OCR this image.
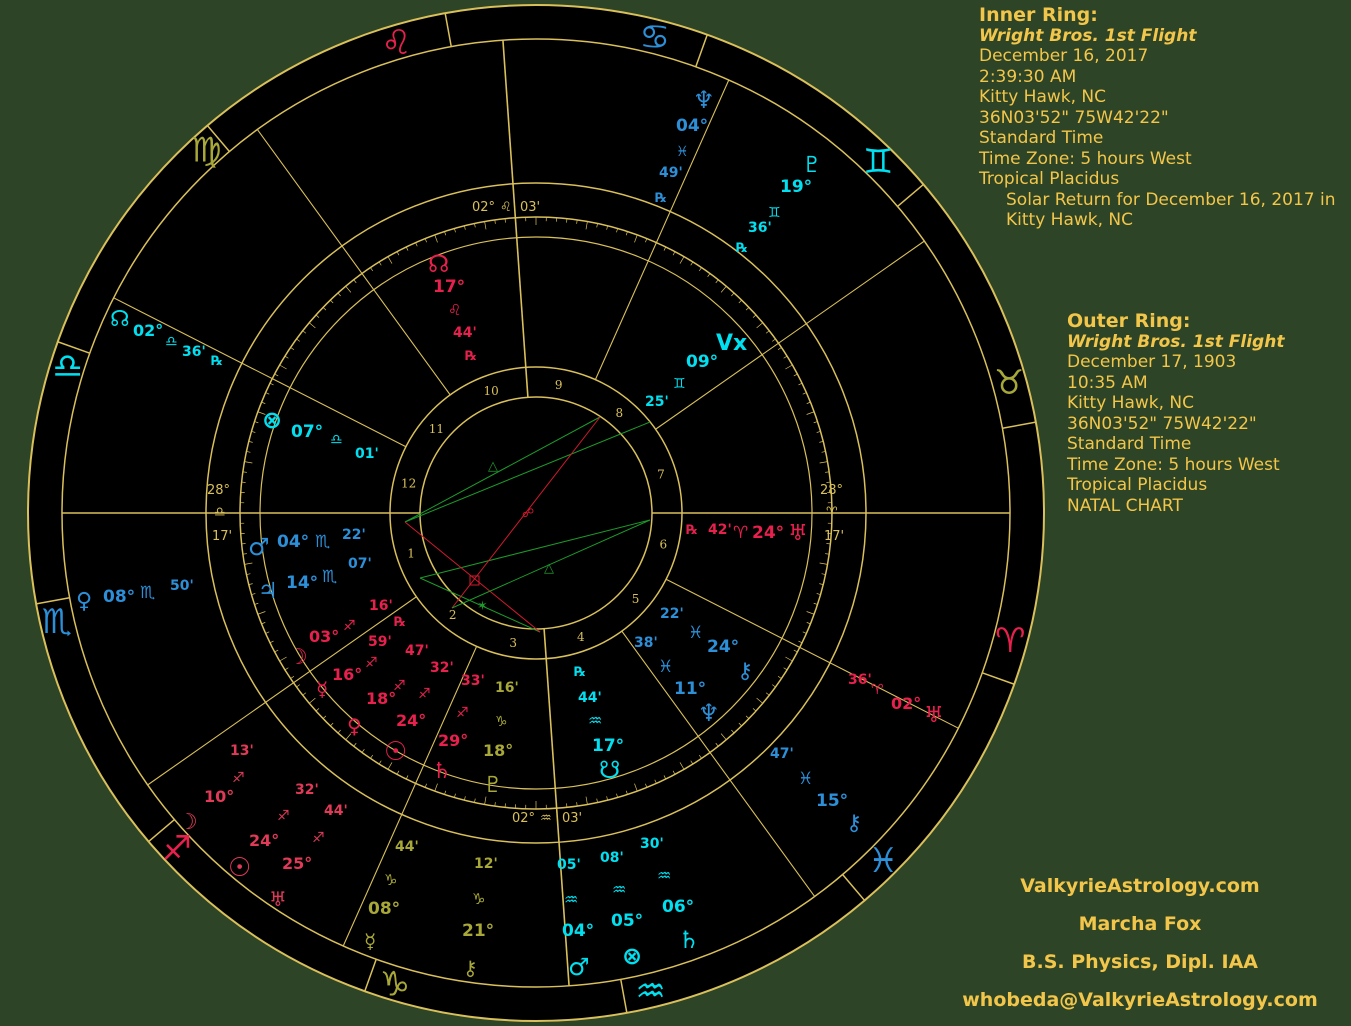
△
△
☍
✶
1
2
3	4
5
6
7
8
9
10
11
12
♌	♋
♊
♉
♈
♓
♒
♑
♐
♏
♎
♍
02° ♌ 03'
02° ♒ 03'
28°
♈
17'
28°
♎
17'
♆
04°
♓
49'
℞
♇
19°
♊
36'
℞
Vx
09°
♊
25'
☊
17°
♌
44'
℞
⊗ 07° ♎
01'
♂ 04° ♏ 22'
♃ 14° ♏
07'
♆
11°
♓
38'
⚷
24°
♓
22'
☋
17°
♒
44'
℞
♅
24°
♈
42'
℞
☽
03°
♐
16'
☿
16°
♐
59'
℞
♀
18°
♐
47'
☉
24°
♐
32'
♄
29°
♐
33'
♇
18°
♑
16'
☊ 02°
♎
36'
℞
♀ 08° ♏ 50'
♅
02°
♈
36'
⚷
15°
♓
47'
☽
10°
♐
13'
☉
24°
♐
32'
♅
25°
♐
44'
☿
08°
♑
44'
⚷
21°
♑
12'
♂
04°
♒
05'
⊗
05°
♒
08'
♄
06°
♒
30'
Inner Ring:
Wright Bros. 1st Flight
December 16, 2017
2:39:30 AM
Kitty Hawk, NC
36N03'52" 75W42'22"
Standard Time
Time Zone: 5 hours West
Tropical Placidus
Solar Return for December 16, 2017 in
Kitty Hawk, NC
Outer Ring:
Wright Bros. 1st Flight
December 17, 1903
10:35 AM
Kitty Hawk, NC
36N03'52" 75W42'22"
Standard Time
Time Zone: 5 hours West
Tropical Placidus
NATAL CHART
ValkyrieAstrology.com
Marcha Fox
B.S. Physics, Dipl. IAA
whobeda@ValkyrieAstrology.com
